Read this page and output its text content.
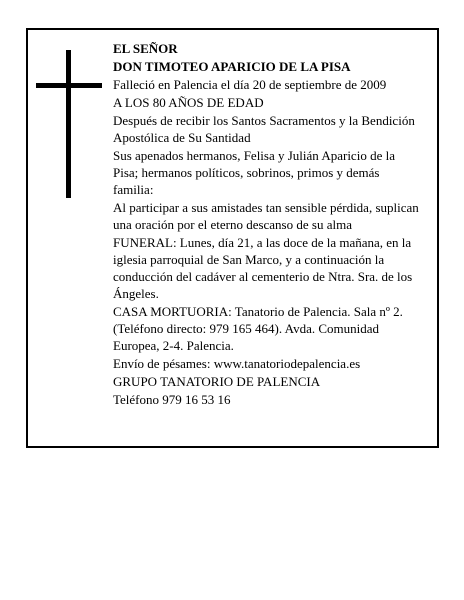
EL SEÑOR

DON TIMOTEO APARICIO DE LA PISA

Falleció en Palencia el día 20 de septiembre de 2009

A LOS 80 AÑOS DE EDAD

Después de recibir los Santos Sacramentos y la Bendición Apostólica de Su Santidad

Sus apenados hermanos, Felisa y Julián Aparicio de la Pisa; hermanos políticos, sobrinos, primos y demás familia:

Al participar a sus amistades tan sensible pérdida, suplican una oración por el eterno descanso de su alma

FUNERAL: Lunes, día 21, a las doce de la mañana, en la iglesia parroquial de San Marco, y a continuación la conducción del cadáver al cementerio de Ntra. Sra. de los Ángeles.

CASA MORTUORIA: Tanatorio de Palencia. Sala nº 2. (Teléfono directo: 979 165 464). Avda. Comunidad Europea, 2-4. Palencia.

Envío de pésames: www.tanatoriodepalencia.es

GRUPO TANATORIO DE PALENCIA

Teléfono 979 16 53 16
